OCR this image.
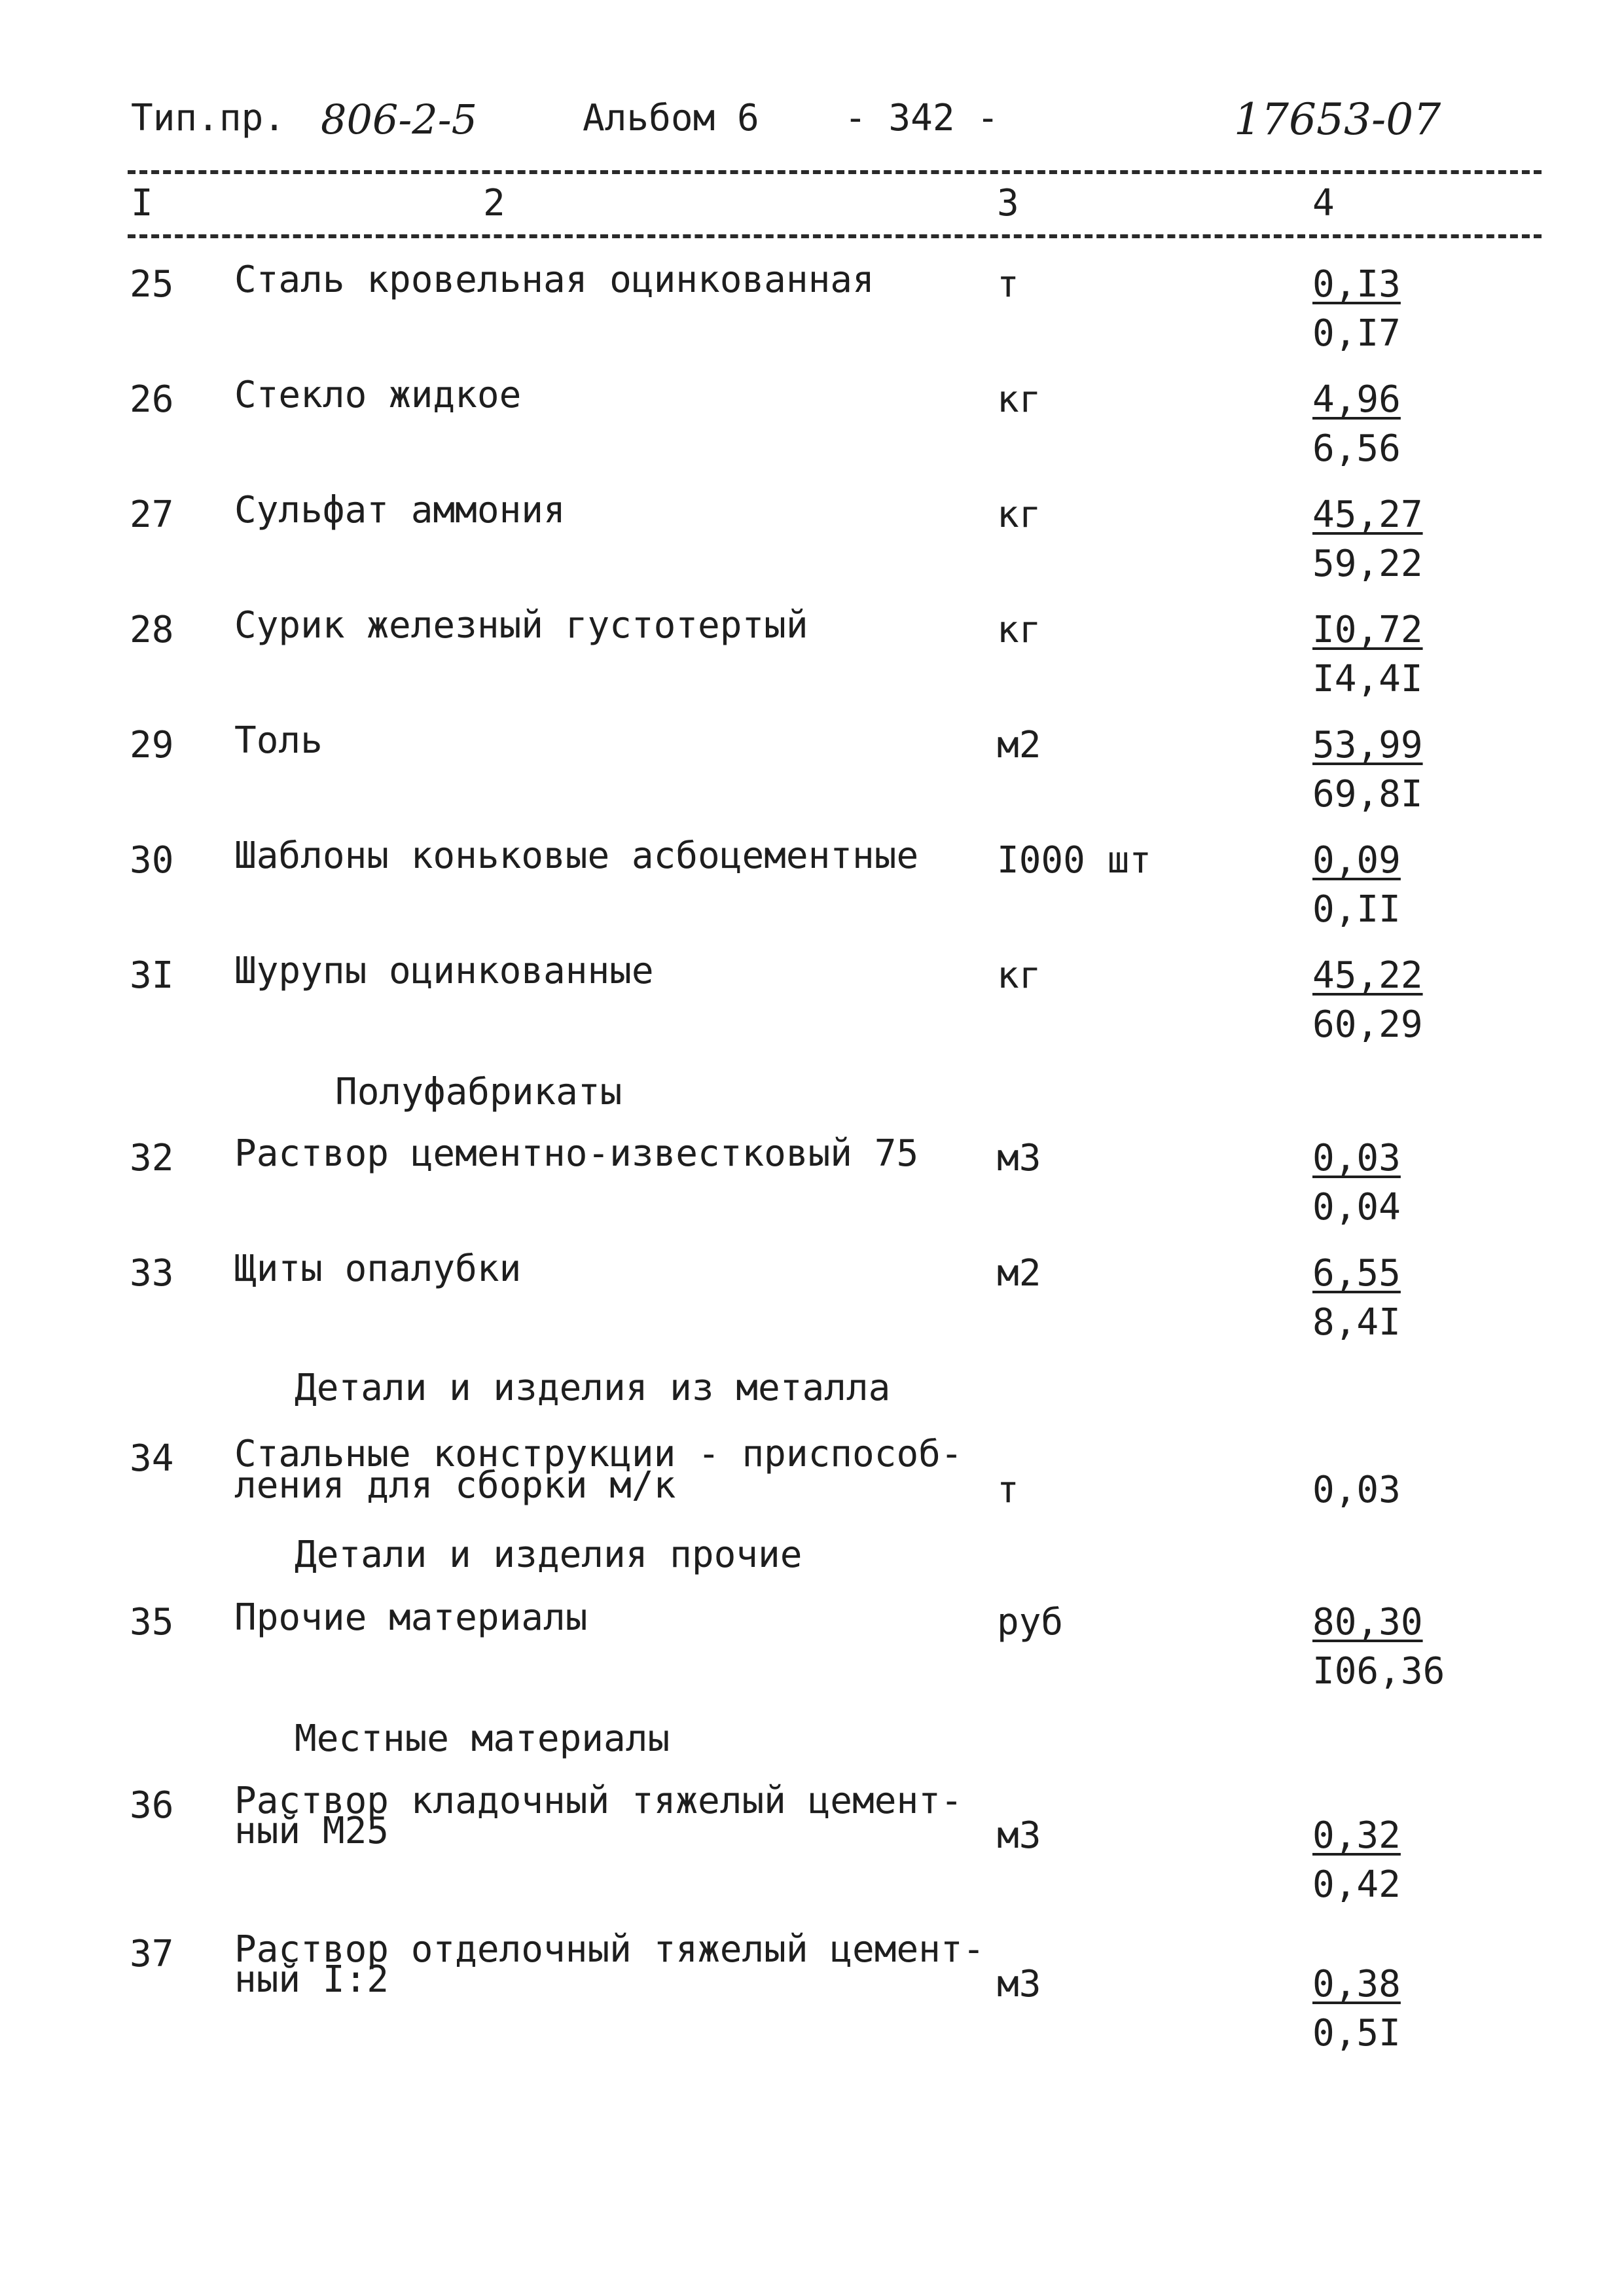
Тип.пр. 806-2-5	Альбом 6 - 342 -	17653-07
I	2	3	4
25 Сталь кровельная оцинкованная	т	0,I3
0,I7
26 Стекло жидкое	кг	4,96
6,56
27 Сульфат аммония	кг	45,27
59,22
28 Сурик железный густотертый	кг	I0,72
I4,4I
29 Толь	м2	53,99
69,8I
30 Шаблоны коньковые асбоцементные I000 шт	0,09
0,II
3I Шурупы оцинкованные	кг	45,22
60,29
Полуфабрикаты
32 Раствор цементно-известковый 75 м3	0,03
0,04
33 Щиты опалубки	м2	6,55
8,4I
Детали и изделия из металла
34 Стальные конструкции - приспособ-
ления для сборки м/к	т	0,03
Детали и изделия прочие
35 Прочие материалы	руб	80,30
I06,36
Местные материалы
36 Раствор кладочный тяжелый цемент-
ный М25	м3	0,32
0,42
37 Раствор отделочный тяжелый цемент-
ный I:2	м3	0,38
0,5I
